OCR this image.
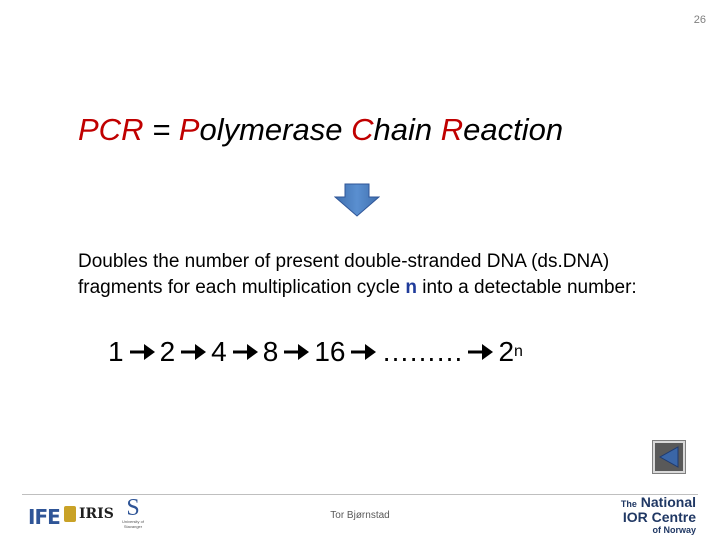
26
PCR = Polymerase Chain Reaction
Doubles the number of present double-stranded DNA (ds.DNA) fragments for each multiplication cycle n into a detectable number:
1 2 4 8 16 ……… 2 n
IFE IRIS S
University of Stavanger
Tor Bjørnstad
The National
IOR Centre
of Norway
